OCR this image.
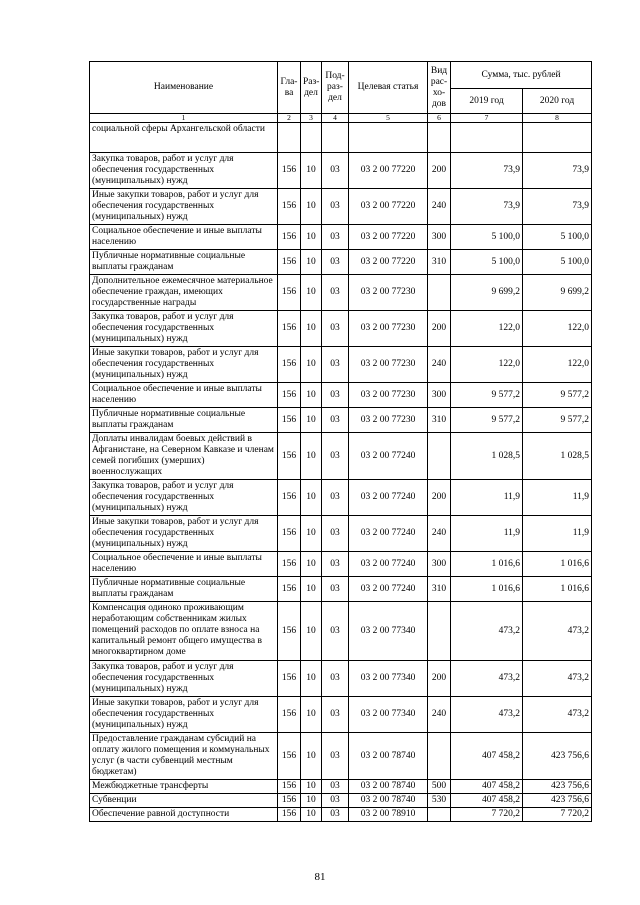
Наименование	Гла-ва	Раз-дел	Под-раз-дел	Целевая статья	Вид рас-хо-дов	Сумма, тыс. рублей	
						2019 год	2020 год
1	2	3	4	5	6	7	8
социальной сферы Архангельской области							
Закупка товаров, работ и услуг для обеспечения государственных (муниципальных) нужд	156	10	03	03 2 00 77220	200	73,9	73,9
Иные закупки товаров, работ и услуг для обеспечения государственных (муниципальных) нужд	156	10	03	03 2 00 77220	240	73,9	73,9
Социальное обеспечение и иные выплаты населению	156	10	03	03 2 00 77220	300	5 100,0	5 100,0
Публичные нормативные социальные выплаты гражданам	156	10	03	03 2 00 77220	310	5 100,0	5 100,0
Дополнительное ежемесячное материальное обеспечение граждан, имеющих государственные награды	156	10	03	03 2 00 77230		9 699,2	9 699,2
Закупка товаров, работ и услуг для обеспечения государственных (муниципальных) нужд	156	10	03	03 2 00 77230	200	122,0	122,0
Иные закупки товаров, работ и услуг для обеспечения государственных (муниципальных) нужд	156	10	03	03 2 00 77230	240	122,0	122,0
Социальное обеспечение и иные выплаты населению	156	10	03	03 2 00 77230	300	9 577,2	9 577,2
Публичные нормативные социальные выплаты гражданам	156	10	03	03 2 00 77230	310	9 577,2	9 577,2
Доплаты инвалидам боевых действий в Афганистане, на Северном Кавказе и членам семей погибших (умерших) военнослужащих	156	10	03	03 2 00 77240		1 028,5	1 028,5
Закупка товаров, работ и услуг для обеспечения государственных (муниципальных) нужд	156	10	03	03 2 00 77240	200	11,9	11,9
Иные закупки товаров, работ и услуг для обеспечения государственных (муниципальных) нужд	156	10	03	03 2 00 77240	240	11,9	11,9
Социальное обеспечение и иные выплаты населению	156	10	03	03 2 00 77240	300	1 016,6	1 016,6
Публичные нормативные социальные выплаты гражданам	156	10	03	03 2 00 77240	310	1 016,6	1 016,6
Компенсация одиноко проживающим неработающим собственникам жилых помещений расходов по оплате взноса на капитальный ремонт общего имущества в многоквартирном доме	156	10	03	03 2 00 77340		473,2	473,2
Закупка товаров, работ и услуг для обеспечения государственных (муниципальных) нужд	156	10	03	03 2 00 77340	200	473,2	473,2
Иные закупки товаров, работ и услуг для обеспечения государственных (муниципальных) нужд	156	10	03	03 2 00 77340	240	473,2	473,2
Предоставление гражданам субсидий на оплату жилого помещения и коммунальных услуг (в части субвенций местным бюджетам)	156	10	03	03 2 00 78740		407 458,2	423 756,6
Межбюджетные трансферты	156	10	03	03 2 00 78740	500	407 458,2	423 756,6
Субвенции	156	10	03	03 2 00 78740	530	407 458,2	423 756,6
Обеспечение равной доступности	156	10	03	03 2 00 78910		7 720,2	7 720,2
81
